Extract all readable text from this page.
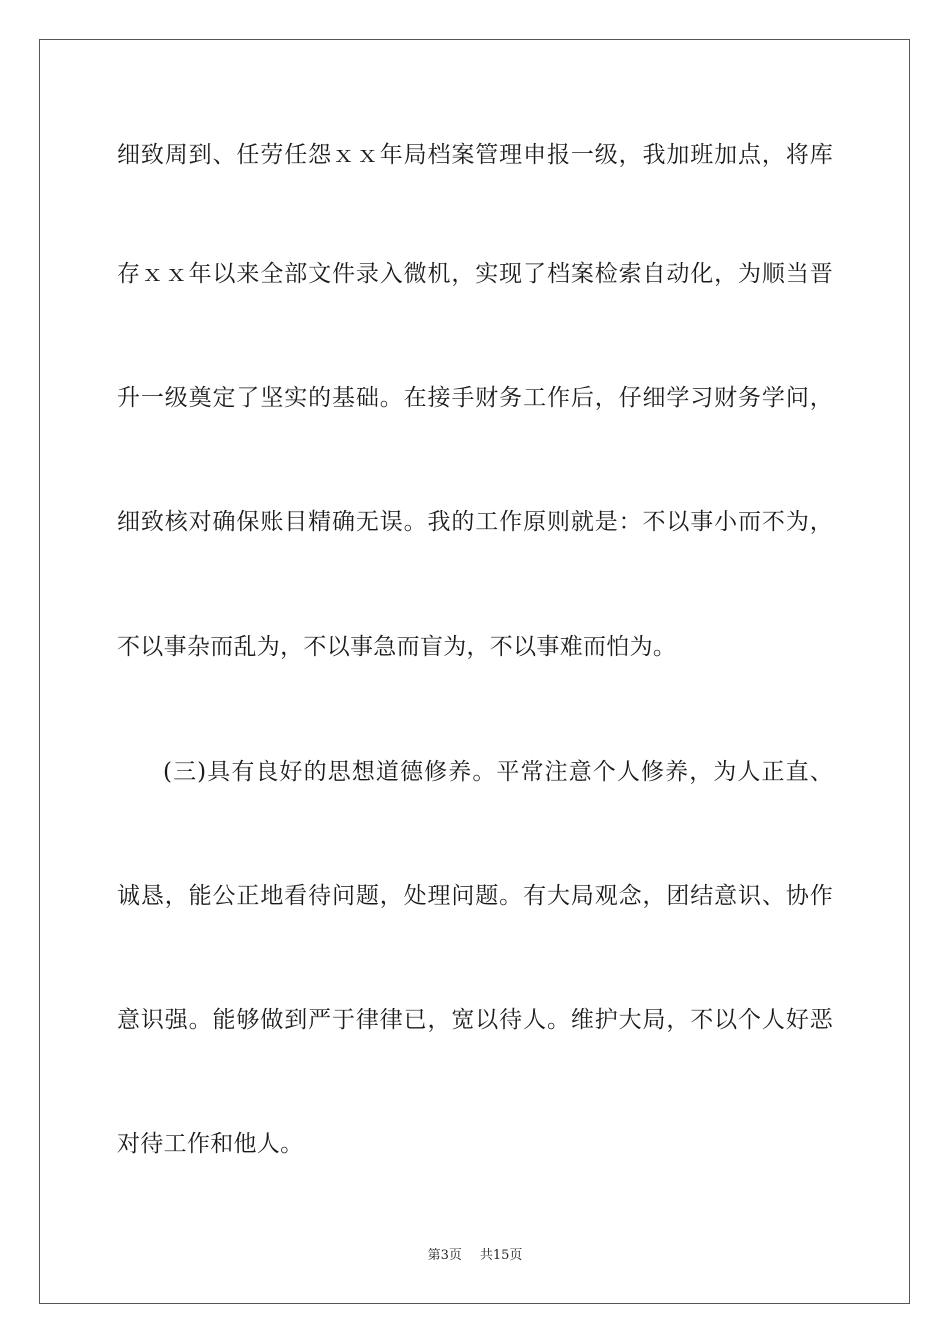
细致周到、任劳任怨ｘｘ年局档案管理申报一级，我加班加点，将库
存ｘｘ年以来全部文件录入微机，实现了档案检索自动化，为顺当晋
升一级奠定了坚实的基础。在接手财务工作后，仔细学习财务学问，
细致核对确保账目精确无误。我的工作原则就是：不以事小而不为，
不以事杂而乱为，不以事急而盲为，不以事难而怕为。
(三)具有良好的思想道德修养。平常注意个人修养，为人正直、
诚恳，能公正地看待问题，处理问题。有大局观念，团结意识、协作
意识强。能够做到严于律律已，宽以待人。维护大局，不以个人好恶
对待工作和他人。
第3页 共15页
